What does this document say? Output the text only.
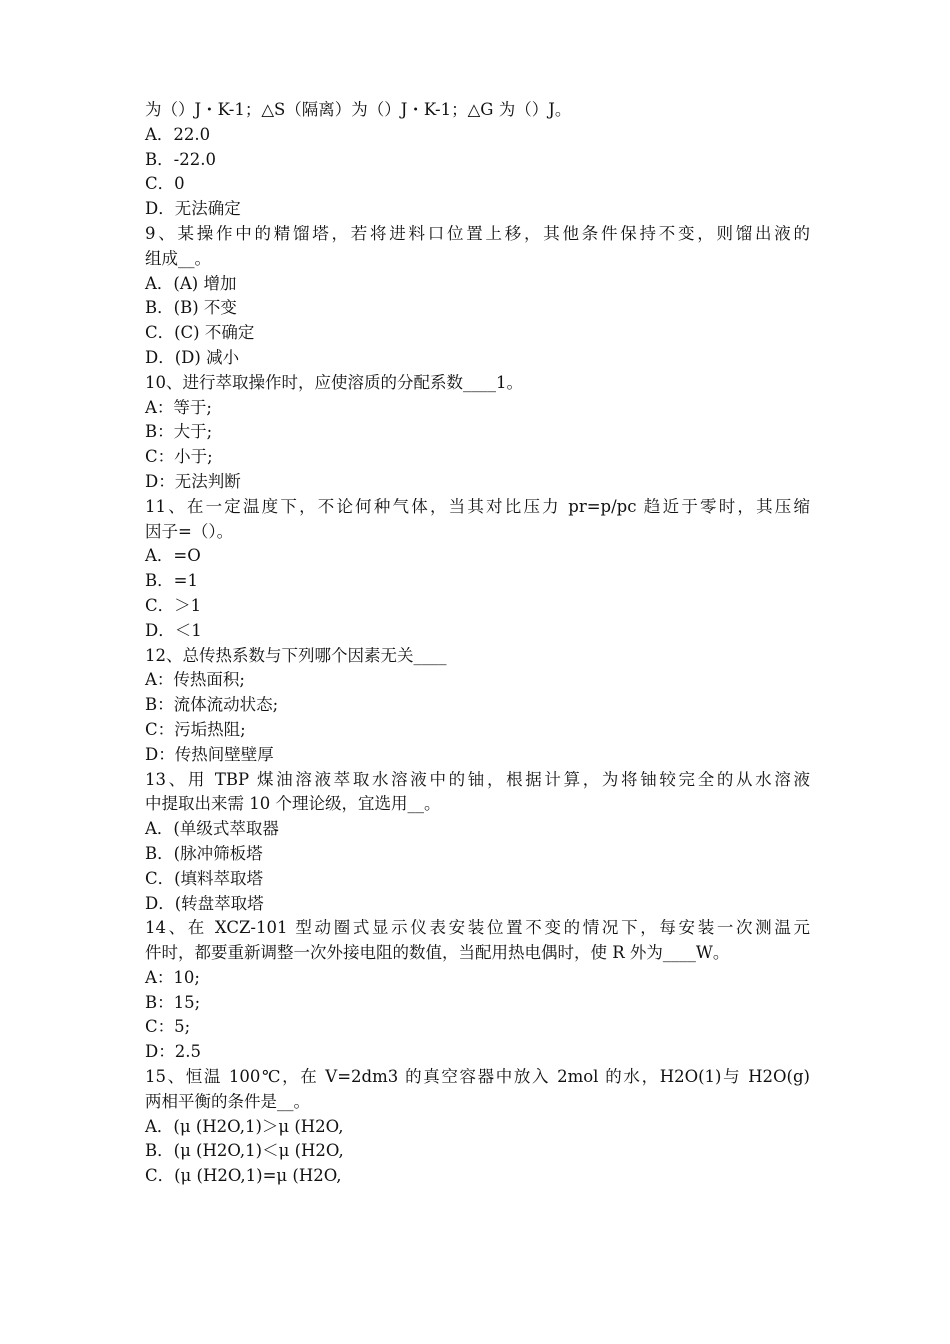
为（）J・K-1；△S（隔离）为（）J・K-1；△G 为（）J。
A．22.0
B．-22.0
C．0
D．无法确定
9、某操作中的精馏塔，若将进料口位置上移，其他条件保持不变，则馏出液的
组成__。
A．(A) 增加
B．(B) 不变
C．(C) 不确定
D．(D) 减小
10、进行萃取操作时，应使溶质的分配系数____1。
A：等于;
B：大于;
C：小于;
D：无法判断
11、在一定温度下，不论何种气体，当其对比压力 pr=p/pc 趋近于零时，其压缩
因子=（）。
A．=O
B．=1
C．＞1
D．＜1
12、总传热系数与下列哪个因素无关____
A：传热面积;
B：流体流动状态;
C：污垢热阻;
D：传热间壁壁厚
13、用 TBP 煤油溶液萃取水溶液中的铀，根据计算，为将铀较完全的从水溶液
中提取出来需 10 个理论级，宜选用__。
A．(单级式萃取器
B．(脉冲筛板塔
C．(填料萃取塔
D．(转盘萃取塔
14、在 XCZ-101 型动圈式显示仪表安装位置不变的情况下，每安装一次测温元
件时，都要重新调整一次外接电阻的数值，当配用热电偶时，使 R 外为____W。
A：10;
B：15;
C：5;
D：2.5
15、恒温 100℃，在 V=2dm3 的真空容器中放入 2mol 的水，H2O(1)与 H2O(g)
两相平衡的条件是__。
A．(μ (H2O,1)＞μ (H2O,
B．(μ (H2O,1)＜μ (H2O,
C．(μ (H2O,1)=μ (H2O,
